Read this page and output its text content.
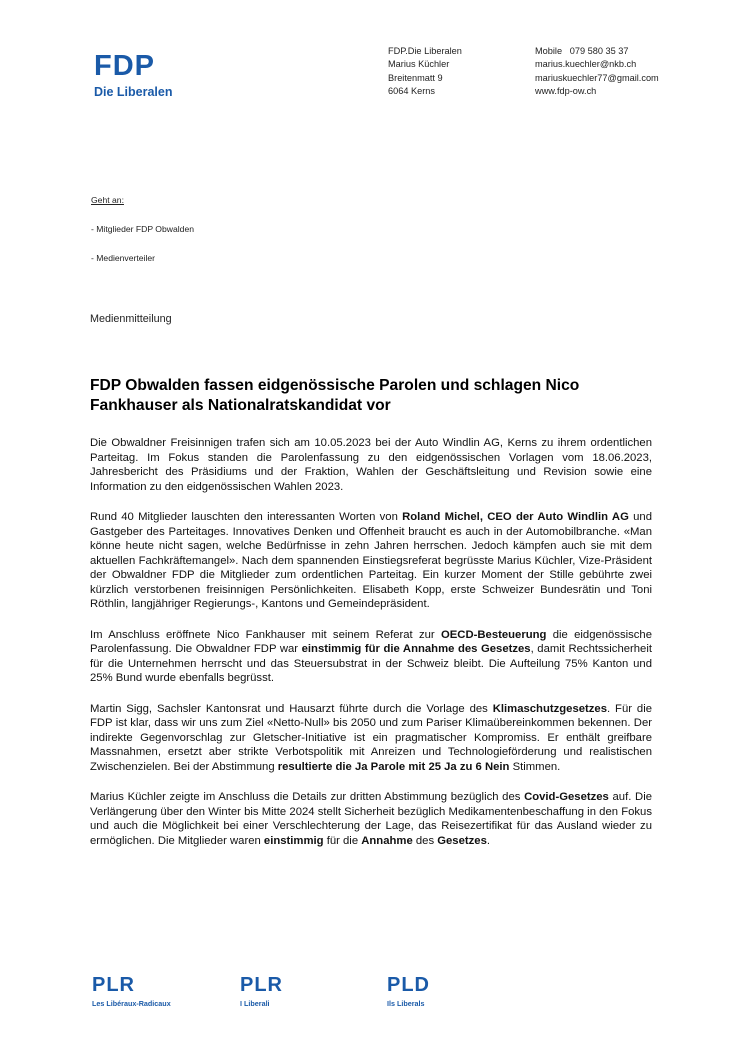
FDP
Die Liberalen
FDP.Die Liberalen
Marius Küchler
Breitenmatt 9
6064 Kerns
Mobile   079 580 35 37
marius.kuechler@nkb.ch
mariuskuechler77@gmail.com
www.fdp-ow.ch
Geht an:
- Mitglieder FDP Obwalden
- Medienverteiler
Medienmitteilung
FDP Obwalden fassen eidgenössische Parolen und schlagen Nico Fankhauser als Nationalratskandidat vor

Die Obwaldner Freisinnigen trafen sich am 10.05.2023 bei der Auto Windlin AG, Kerns zu ihrem ordentlichen Parteitag. Im Fokus standen die Parolenfassung zu den eidgenössischen Vorlagen vom 18.06.2023, Jahresbericht des Präsidiums und der Fraktion, Wahlen der Geschäftsleitung und Revision sowie eine Information zu den eidgenössischen Wahlen 2023.

Rund 40 Mitglieder lauschten den interessanten Worten von Roland Michel, CEO der Auto Windlin AG und Gastgeber des Parteitages. Innovatives Denken und Offenheit braucht es auch in der Automobilbranche. «Man könne heute nicht sagen, welche Bedürfnisse in zehn Jahren herrschen. Jedoch kämpfen auch sie mit dem aktuellen Fachkräftemangel». Nach dem spannenden Einstiegsreferat begrüsste Marius Küchler, Vize-Präsident der Obwaldner FDP die Mitglieder zum ordentlichen Parteitag. Ein kurzer Moment der Stille gebührte zwei kürzlich verstorbenen freisinnigen Persönlichkeiten. Elisabeth Kopp, erste Schweizer Bundesrätin und Toni Röthlin, langjähriger Regierungs-, Kantons und Gemeindepräsident.

Im Anschluss eröffnete Nico Fankhauser mit seinem Referat zur OECD-Besteuerung die eidgenössische Parolenfassung. Die Obwaldner FDP war einstimmig für die Annahme des Gesetzes, damit Rechtssicherheit für die Unternehmen herrscht und das Steuersubstrat in der Schweiz bleibt. Die Aufteilung 75% Kanton und 25% Bund wurde ebenfalls begrüsst.

Martin Sigg, Sachsler Kantonsrat und Hausarzt führte durch die Vorlage des Klimaschutzgesetzes. Für die FDP ist klar, dass wir uns zum Ziel «Netto-Null» bis 2050 und zum Pariser Klimaübereinkommen bekennen. Der indirekte Gegenvorschlag zur Gletscher-Initiative ist ein pragmatischer Kompromiss. Er enthält greifbare Massnahmen, ersetzt aber strikte Verbotspolitik mit Anreizen und Technologieförderung und realistischen Zwischenzielen. Bei der Abstimmung resultierte die Ja Parole mit 25 Ja zu 6 Nein Stimmen.

Marius Küchler zeigte im Anschluss die Details zur dritten Abstimmung bezüglich des Covid-Gesetzes auf. Die Verlängerung über den Winter bis Mitte 2024 stellt Sicherheit bezüglich Medikamentenbeschaffung in den Fokus und auch die Möglichkeit bei einer Verschlechterung der Lage, das Reisezertifikat für das Ausland wieder zu ermöglichen. Die Mitglieder waren einstimmig für die Annahme des Gesetzes.

PLR
Les Libéraux-Radicaux
PLR
I Liberali
PLD
Ils Liberals
